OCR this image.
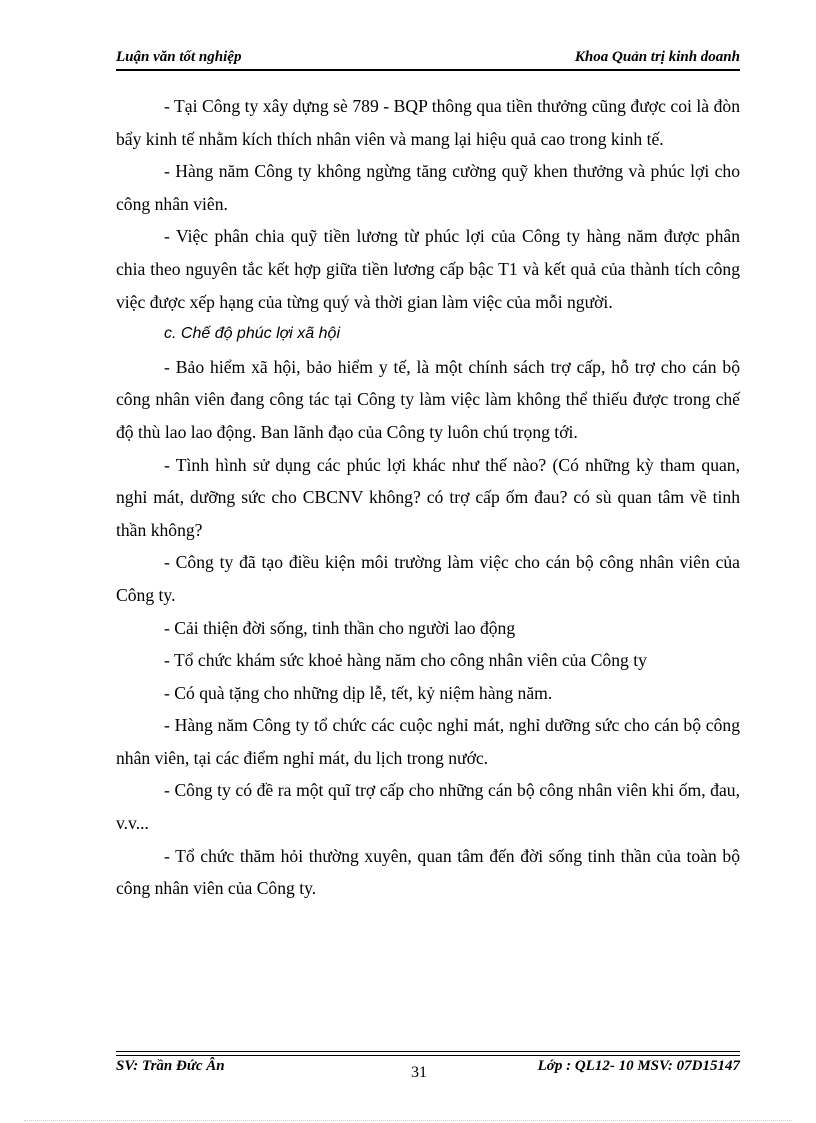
Luận văn tốt nghiệp	Khoa Quản trị kinh doanh

- Tại Công ty xây dựng sè 789 - BQP thông qua tiền thưởng cũng được coi là đòn bẩy kinh tế nhằm kích thích nhân viên và mang lại hiệu quả cao trong kinh tế.

- Hàng năm Công ty không ngừng tăng cường quỹ khen thưởng và phúc lợi cho công nhân viên.

- Việc phân chia quỹ tiền lương từ phúc lợi của Công ty hàng năm được phân chia theo nguyên tắc kết hợp giữa tiền lương cấp bậc T1 và kết quả của thành tích công việc được xếp hạng của từng quý và thời gian làm việc của mỗi người.

c. Chế độ phúc lợi xã hội

- Bảo hiểm xã hội, bảo hiểm y tế, là một chính sách trợ cấp, hỗ trợ cho cán bộ công nhân viên đang công tác tại Công ty làm việc làm không thể thiếu được trong chế độ thù lao lao động. Ban lãnh đạo của Công ty luôn chú trọng tới.

- Tình hình sử dụng các phúc lợi khác như thế nào? (Có những kỳ tham quan, nghỉ mát, dưỡng sức cho CBCNV không? có trợ cấp ốm đau? có sù quan tâm về tinh thần không?

- Công ty đã tạo điều kiện môi trường làm việc cho cán bộ công nhân viên của Công ty.

- Cải thiện đời sống, tinh thần cho người lao động

- Tổ chức khám sức khoẻ hàng năm cho công nhân viên của Công ty

- Có quà tặng cho những dịp lễ, tết, kỷ niệm hàng năm.

- Hàng năm Công ty tổ chức các cuộc nghỉ mát, nghỉ dưỡng sức cho cán bộ công nhân viên, tại các điểm nghỉ mát, du lịch trong nước.

- Công ty có đề ra một quĩ trợ cấp cho những cán bộ công nhân viên khi ốm, đau, v.v...

- Tổ chức thăm hỏi thường xuyên, quan tâm đến đời sống tinh thần của toàn bộ công nhân viên của Công ty.

SV: Trần Đức Ân	31	Lớp : QL12- 10 MSV: 07D15147
